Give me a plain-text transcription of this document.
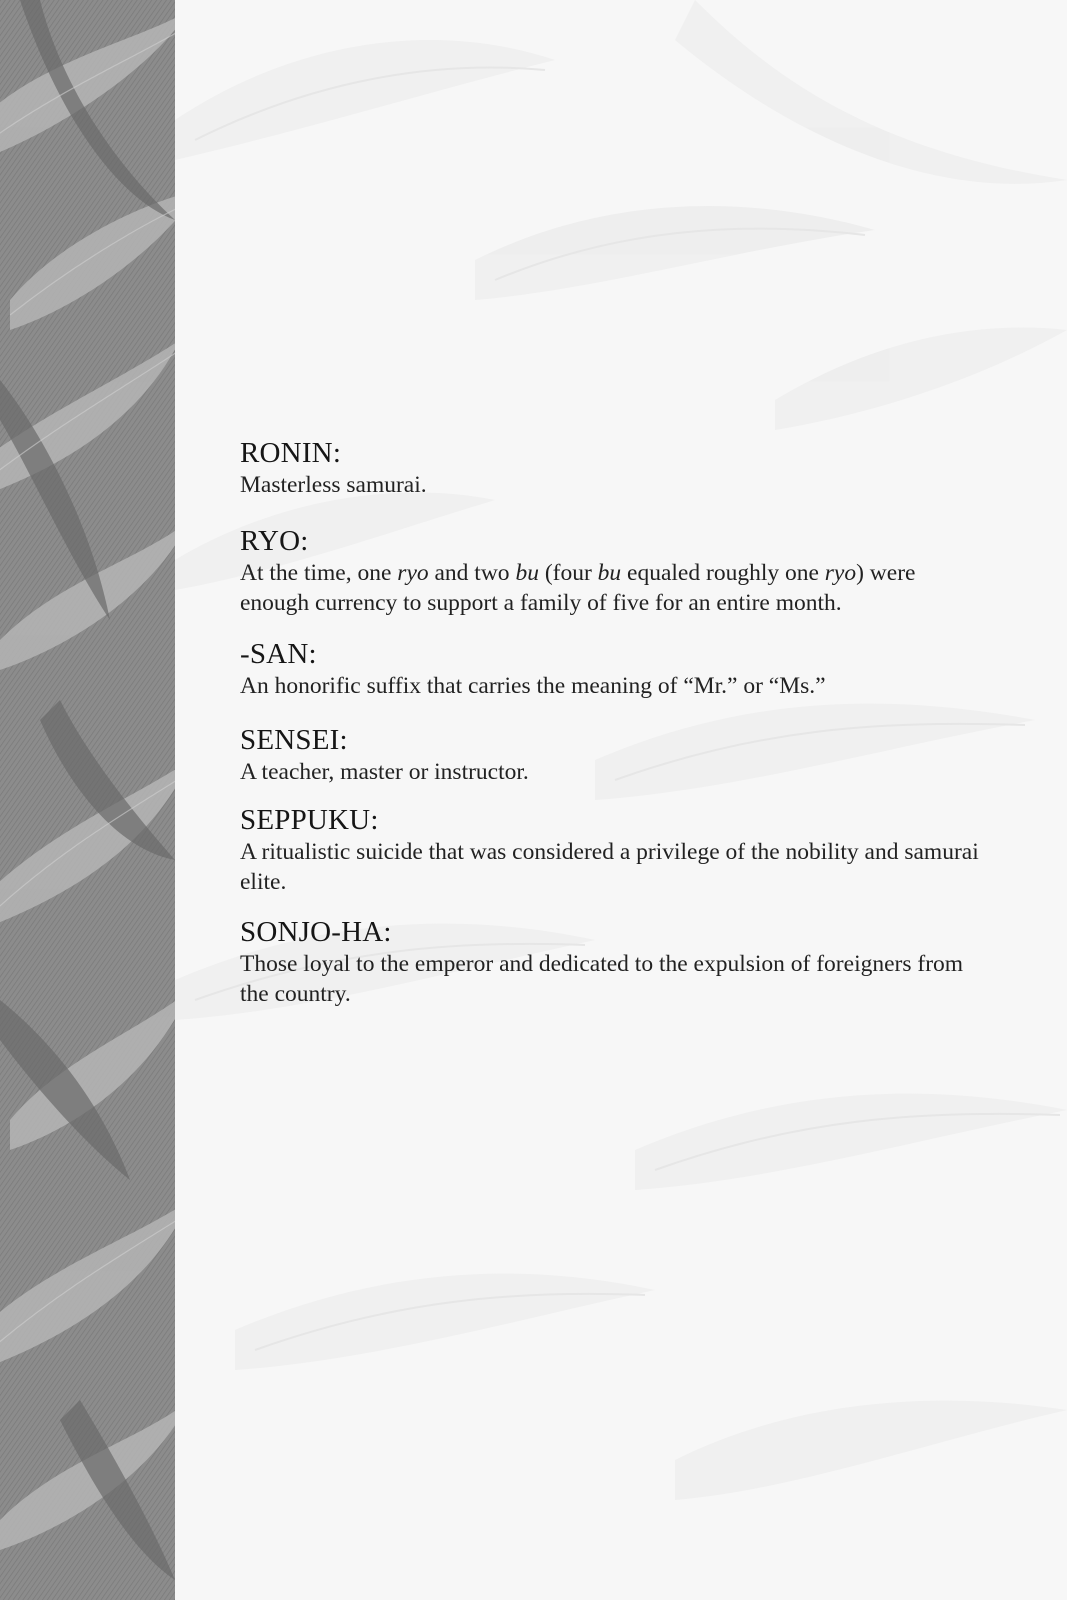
RONIN:

Masterless samurai.

RYO:

At the time, one ryo and two bu (four bu equaled roughly one ryo) were enough currency to support a family of five for an entire month.

-SAN:

An honorific suffix that carries the meaning of “Mr.” or “Ms.”

SENSEI:

A teacher, master or instructor.

SEPPUKU:

A ritualistic suicide that was considered a privilege of the nobility and samurai elite.

SONJO-HA:

Those loyal to the emperor and dedicated to the expulsion of foreigners from the country.
